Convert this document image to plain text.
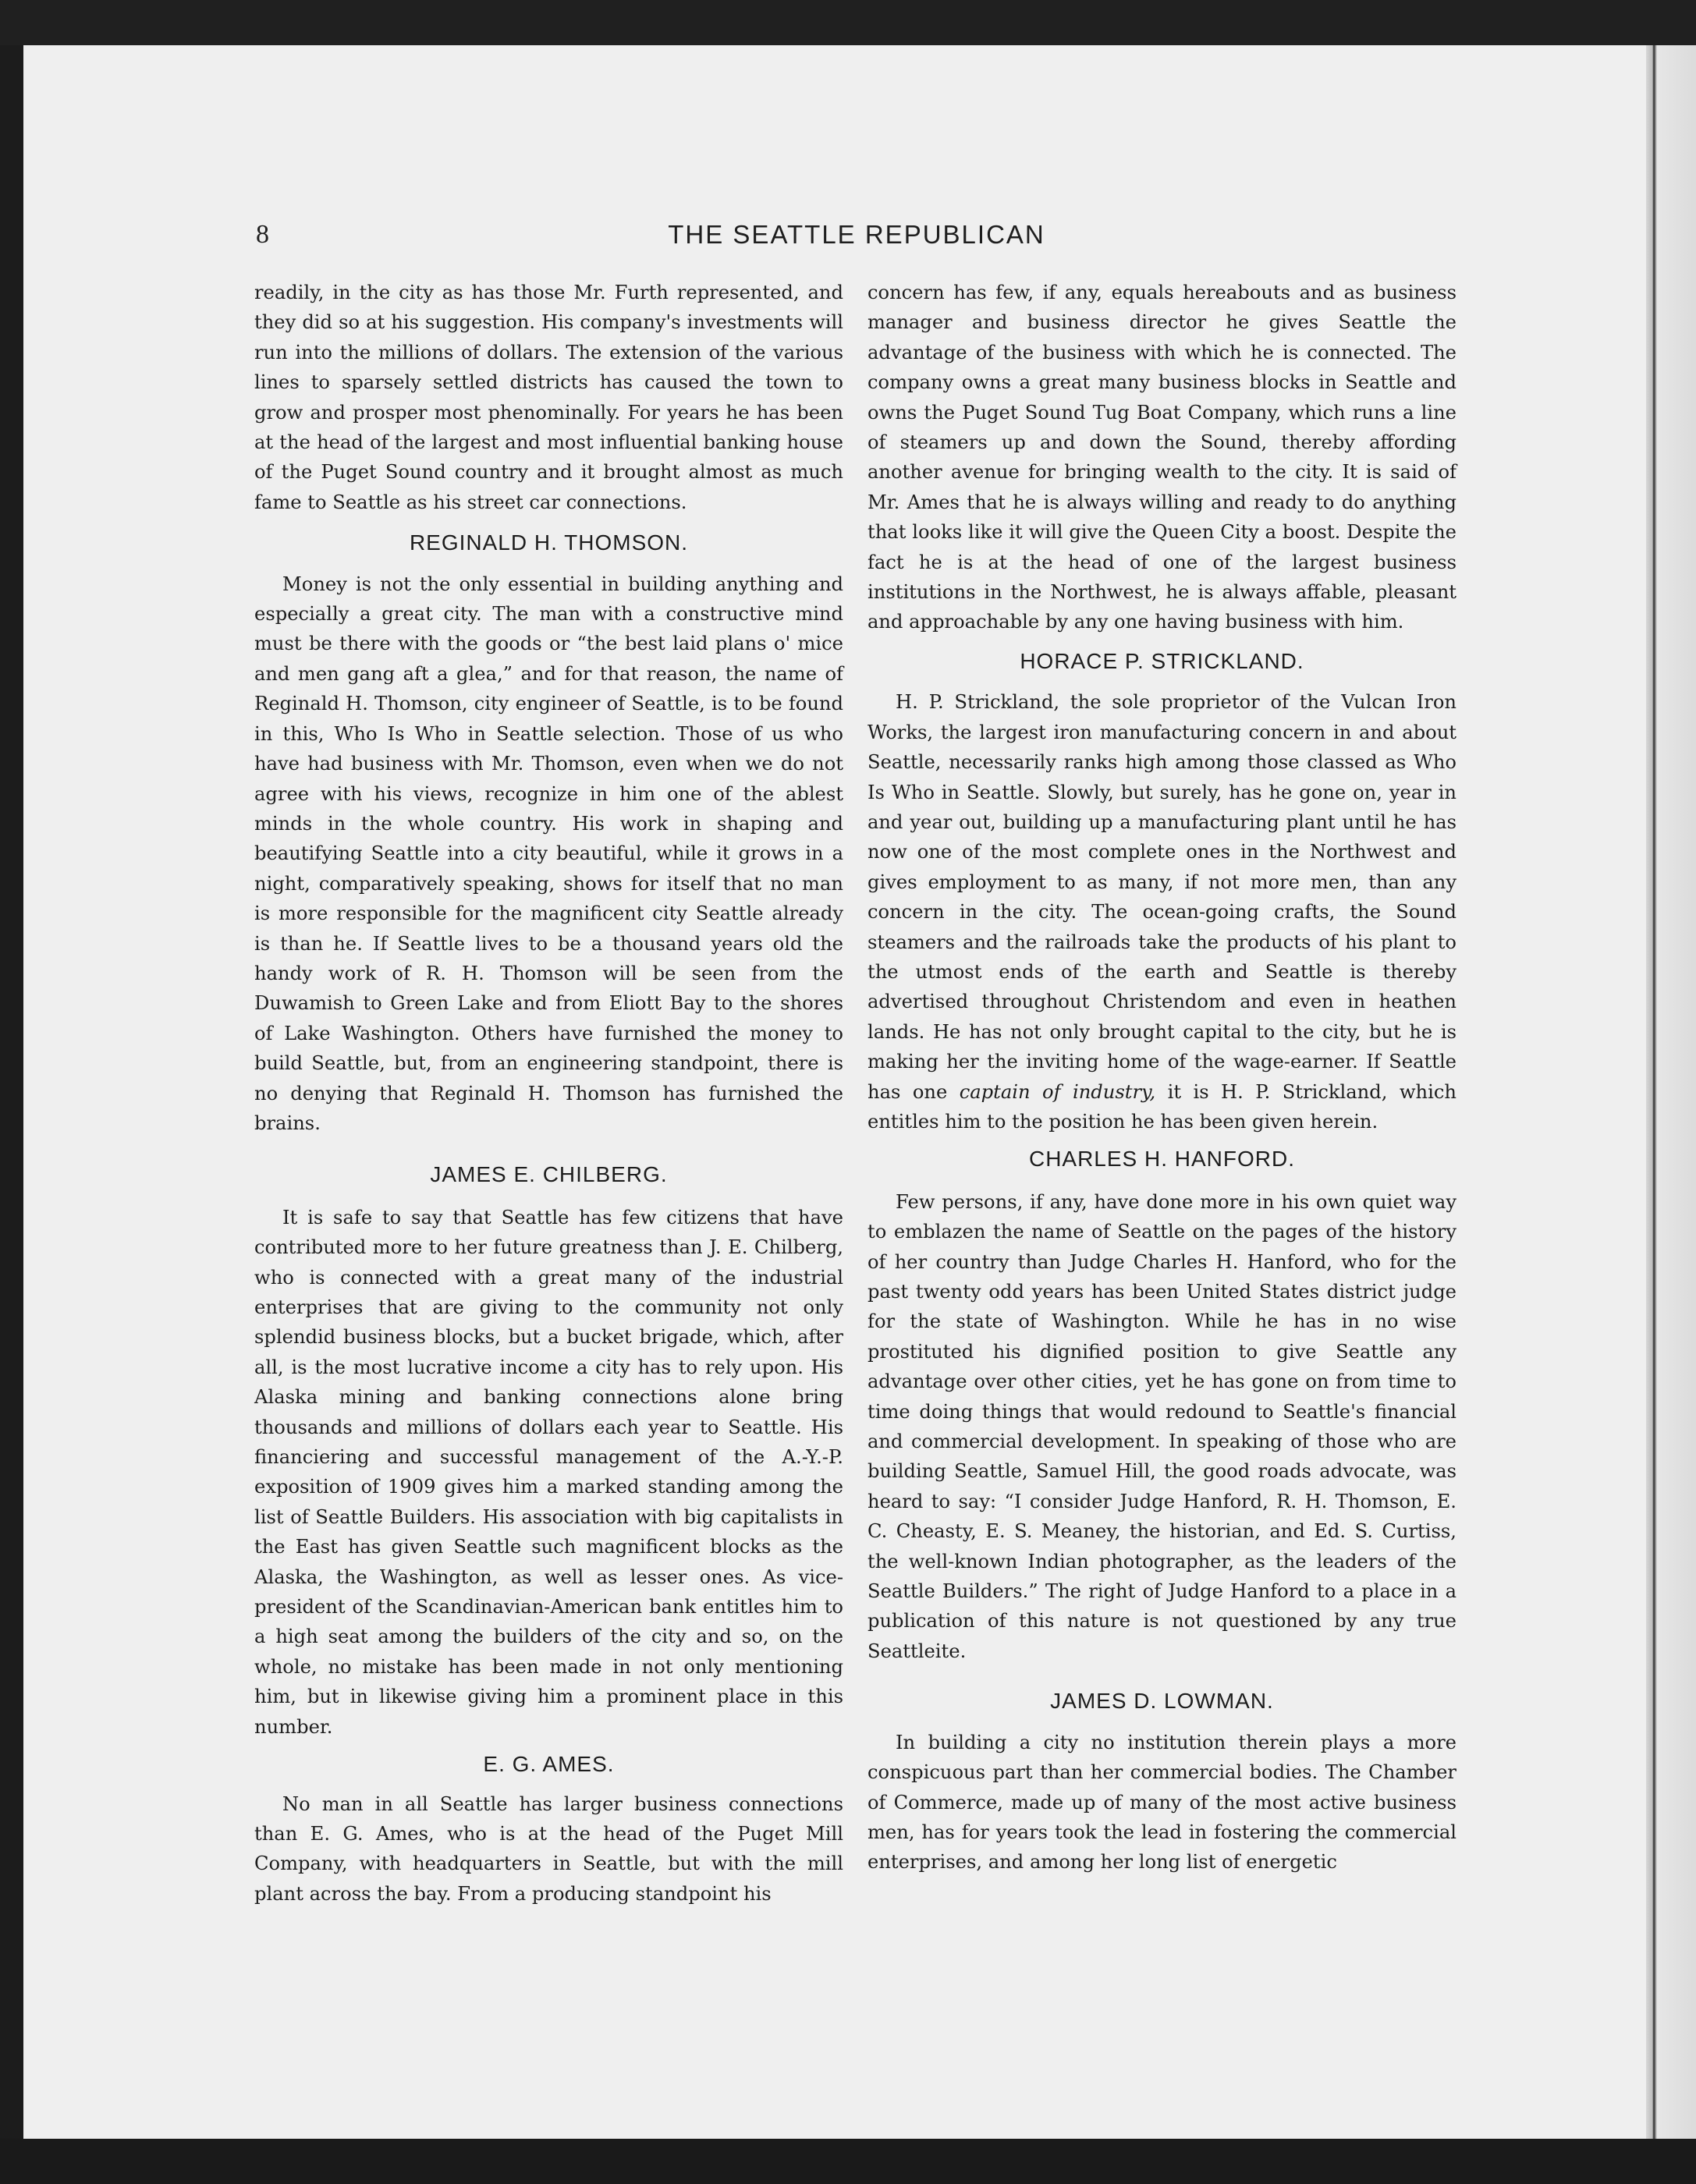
8	THE SEATTLE REPUBLICAN

readily, in the city as has those Mr. Furth represented, and they did so at his suggestion. His company's investments will run into the millions of dollars. The extension of the various lines to sparsely settled districts has caused the town to grow and prosper most phenominally. For years he has been at the head of the largest and most influential banking house of the Puget Sound country and it brought almost as much fame to Seattle as his street car connections.

REGINALD H. THOMSON.

Money is not the only essential in building anything and especially a great city. The man with a constructive mind must be there with the goods or “the best laid plans o' mice and men gang aft a glea,” and for that reason, the name of Reginald H. Thomson, city engineer of Seattle, is to be found in this, Who Is Who in Seattle selection. Those of us who have had business with Mr. Thomson, even when we do not agree with his views, recognize in him one of the ablest minds in the whole country. His work in shaping and beautifying Seattle into a city beautiful, while it grows in a night, comparatively speaking, shows for itself that no man is more responsible for the magnificent city Seattle already is than he. If Seattle lives to be a thousand years old the handy work of R. H. Thomson will be seen from the Duwamish to Green Lake and from Eliott Bay to the shores of Lake Washington. Others have furnished the money to build Seattle, but, from an engineering standpoint, there is no denying that Reginald H. Thomson has furnished the brains.

JAMES E. CHILBERG.

It is safe to say that Seattle has few citizens that have contributed more to her future greatness than J. E. Chilberg, who is connected with a great many of the industrial enterprises that are giving to the community not only splendid business blocks, but a bucket brigade, which, after all, is the most lucrative income a city has to rely upon. His Alaska mining and banking connections alone bring thousands and millions of dollars each year to Seattle. His financiering and successful management of the A.-Y.-P. exposition of 1909 gives him a marked standing among the list of Seattle Builders. His association with big capitalists in the East has given Seattle such magnificent blocks as the Alaska, the Washington, as well as lesser ones. As vice-president of the Scandinavian-American bank entitles him to a high seat among the builders of the city and so, on the whole, no mistake has been made in not only mentioning him, but in likewise giving him a prominent place in this number.

E. G. AMES.

No man in all Seattle has larger business connections than E. G. Ames, who is at the head of the Puget Mill Company, with headquarters in Seattle, but with the mill plant across the bay. From a producing standpoint his

concern has few, if any, equals hereabouts and as business manager and business director he gives Seattle the advantage of the business with which he is connected. The company owns a great many business blocks in Seattle and owns the Puget Sound Tug Boat Company, which runs a line of steamers up and down the Sound, thereby affording another avenue for bringing wealth to the city. It is said of Mr. Ames that he is always willing and ready to do anything that looks like it will give the Queen City a boost. Despite the fact he is at the head of one of the largest business institutions in the Northwest, he is always affable, pleasant and approachable by any one having business with him.

HORACE P. STRICKLAND.

H. P. Strickland, the sole proprietor of the Vulcan Iron Works, the largest iron manufacturing concern in and about Seattle, necessarily ranks high among those classed as Who Is Who in Seattle. Slowly, but surely, has he gone on, year in and year out, building up a manufacturing plant until he has now one of the most complete ones in the Northwest and gives employment to as many, if not more men, than any concern in the city. The ocean-going crafts, the Sound steamers and the railroads take the products of his plant to the utmost ends of the earth and Seattle is thereby advertised throughout Christendom and even in heathen lands. He has not only brought capital to the city, but he is making her the inviting home of the wage-earner. If Seattle has one captain of industry, it is H. P. Strickland, which entitles him to the position he has been given herein.

CHARLES H. HANFORD.

Few persons, if any, have done more in his own quiet way to emblazen the name of Seattle on the pages of the history of her country than Judge Charles H. Hanford, who for the past twenty odd years has been United States district judge for the state of Washington. While he has in no wise prostituted his dignified position to give Seattle any advantage over other cities, yet he has gone on from time to time doing things that would redound to Seattle's financial and commercial development. In speaking of those who are building Seattle, Samuel Hill, the good roads advocate, was heard to say: “I consider Judge Hanford, R. H. Thomson, E. C. Cheasty, E. S. Meaney, the historian, and Ed. S. Curtiss, the well-known Indian photographer, as the leaders of the Seattle Builders.” The right of Judge Hanford to a place in a publication of this nature is not questioned by any true Seattleite.

JAMES D. LOWMAN.

In building a city no institution therein plays a more conspicuous part than her commercial bodies. The Chamber of Commerce, made up of many of the most active business men, has for years took the lead in fostering the commercial enterprises, and among her long list of energetic
